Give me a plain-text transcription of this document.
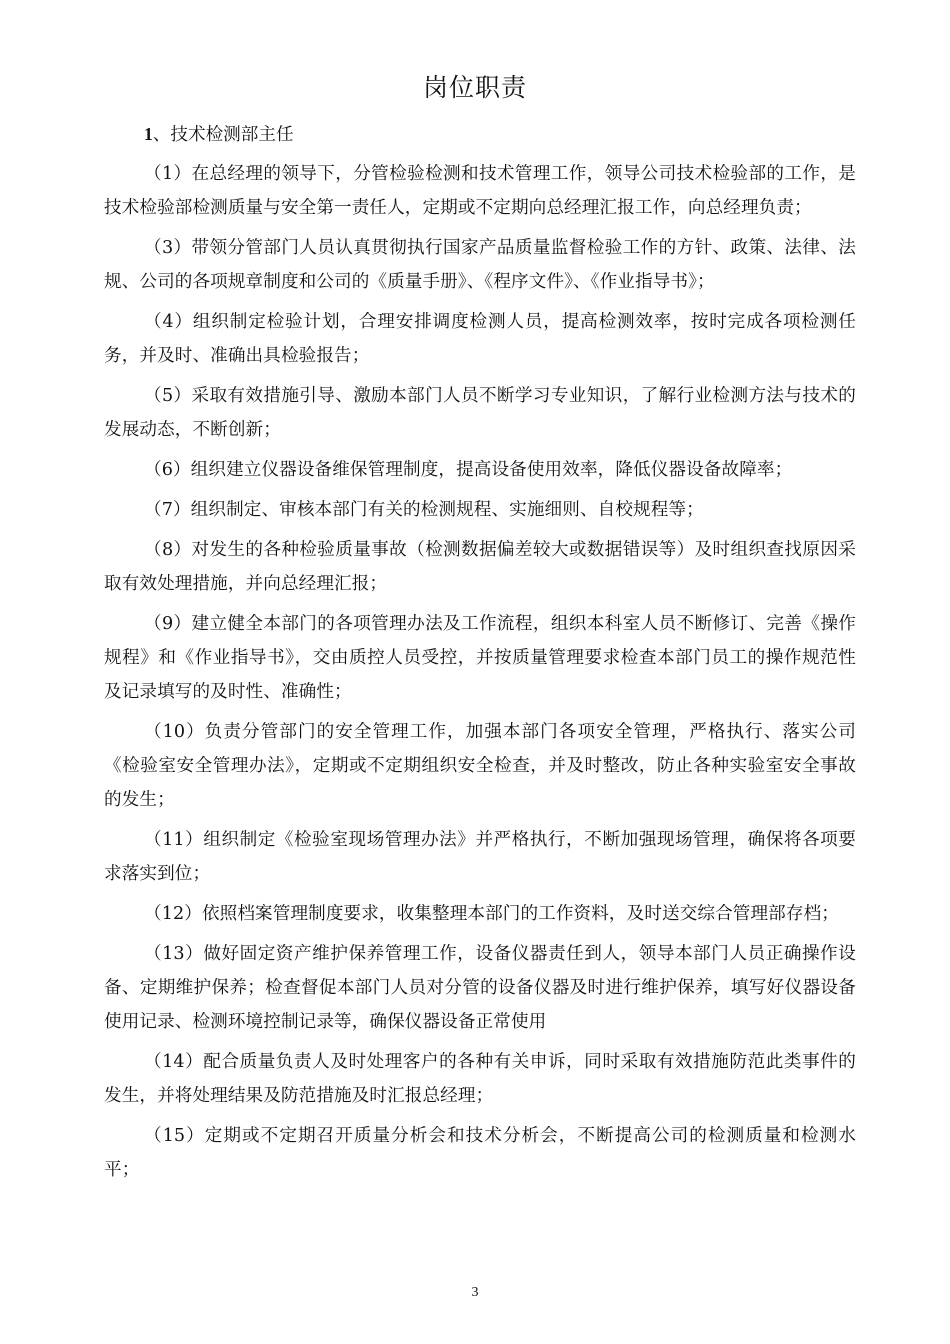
岗位职责
1、技术检测部主任

（1）在总经理的领导下，分管检验检测和技术管理工作，领导公司技术检验部的工作，是技术检验部检测质量与安全第一责任人，定期或不定期向总经理汇报工作，向总经理负责；

（3）带领分管部门人员认真贯彻执行国家产品质量监督检验工作的方针、政策、法律、法规、公司的各项规章制度和公司的《质量手册》、《程序文件》、《作业指导书》；

（4）组织制定检验计划，合理安排调度检测人员，提高检测效率，按时完成各项检测任务，并及时、准确出具检验报告；

（5）采取有效措施引导、激励本部门人员不断学习专业知识，了解行业检测方法与技术的发展动态，不断创新；

（6）组织建立仪器设备维保管理制度，提高设备使用效率，降低仪器设备故障率；

（7）组织制定、审核本部门有关的检测规程、实施细则、自校规程等；

（8）对发生的各种检验质量事故（检测数据偏差较大或数据错误等）及时组织查找原因采取有效处理措施，并向总经理汇报；

（9）建立健全本部门的各项管理办法及工作流程，组织本科室人员不断修订、完善《操作规程》和《作业指导书》，交由质控人员受控，并按质量管理要求检查本部门员工的操作规范性及记录填写的及时性、准确性；

（10）负责分管部门的安全管理工作，加强本部门各项安全管理，严格执行、落实公司《检验室安全管理办法》，定期或不定期组织安全检查，并及时整改，防止各种实验室安全事故的发生；

（11）组织制定《检验室现场管理办法》并严格执行，不断加强现场管理，确保将各项要求落实到位；

（12）依照档案管理制度要求，收集整理本部门的工作资料，及时送交综合管理部存档；

（13）做好固定资产维护保养管理工作，设备仪器责任到人，领导本部门人员正确操作设备、定期维护保养；检查督促本部门人员对分管的设备仪器及时进行维护保养，填写好仪器设备使用记录、检测环境控制记录等，确保仪器设备正常使用

（14）配合质量负责人及时处理客户的各种有关申诉，同时采取有效措施防范此类事件的发生，并将处理结果及防范措施及时汇报总经理；

（15）定期或不定期召开质量分析会和技术分析会，不断提高公司的检测质量和检测水平；

3
